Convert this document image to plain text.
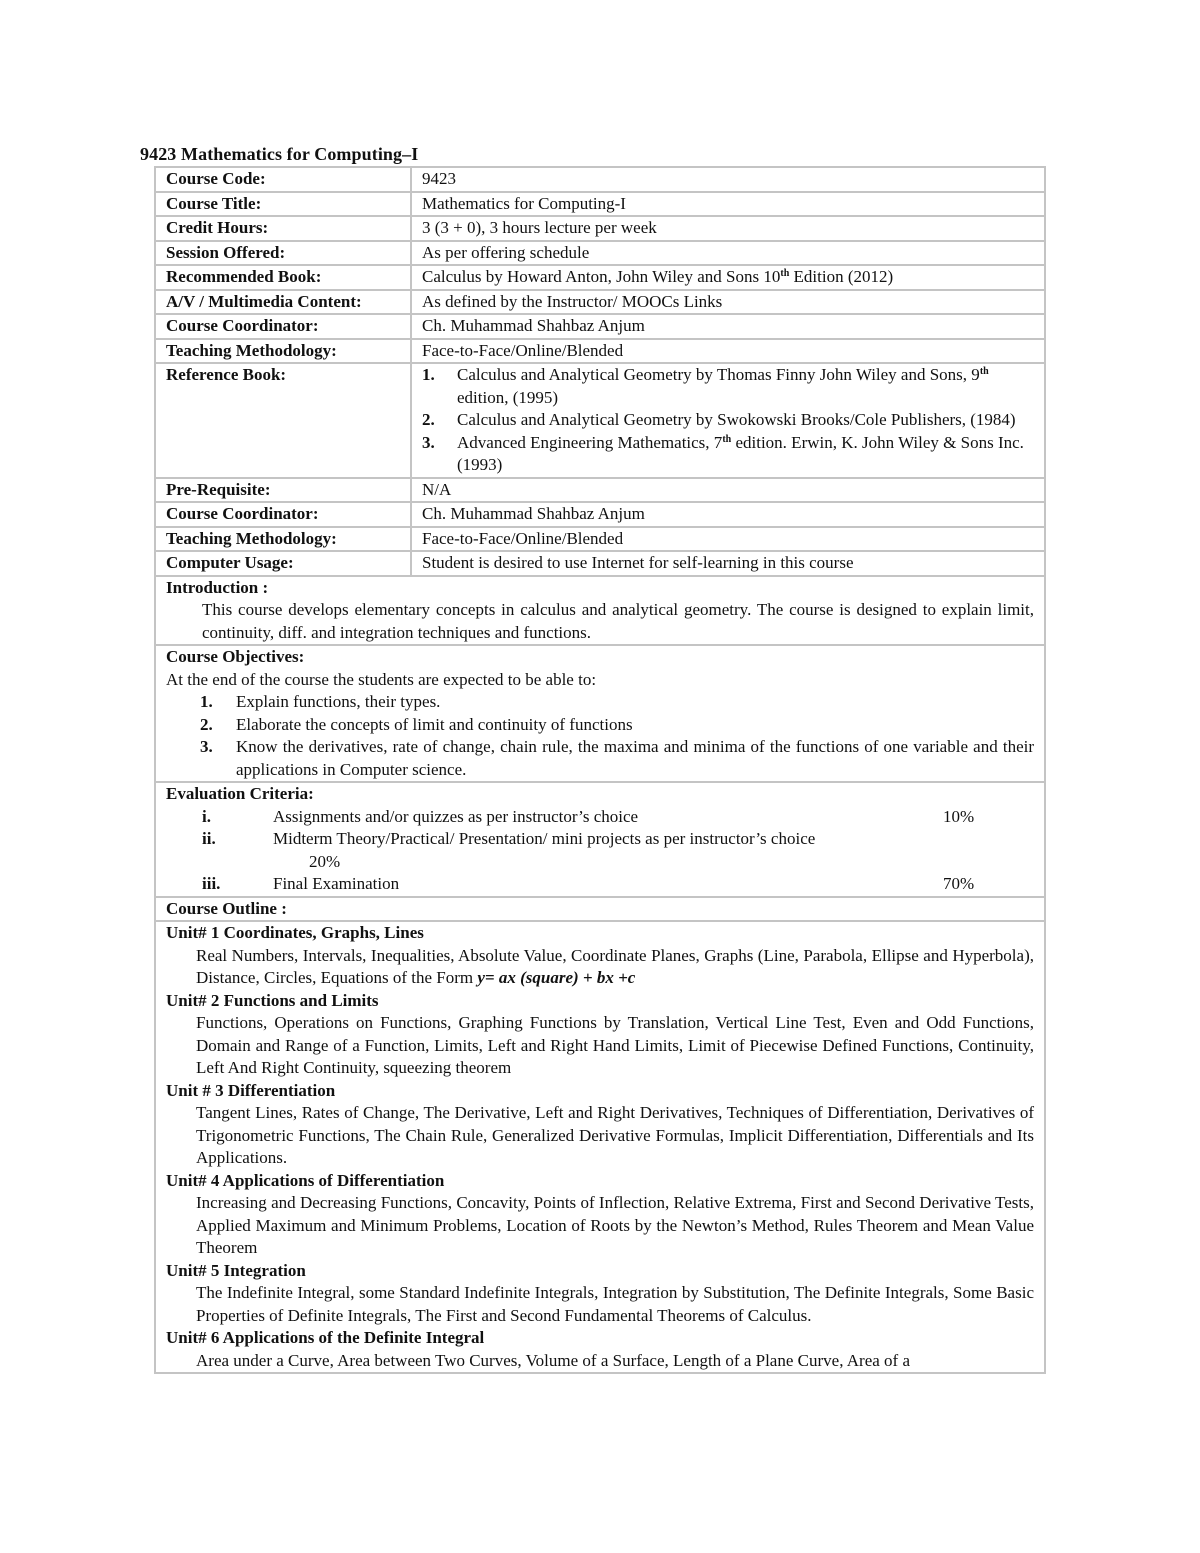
9423 Mathematics for Computing–I
Course Code:	9423
Course Title:	Mathematics for Computing-I
Credit Hours:	3 (3 + 0), 3 hours lecture per week
Session Offered:	As per offering schedule
Recommended Book:	Calculus by Howard Anton, John Wiley and Sons 10th Edition (2012)
A/V / Multimedia Content:	As defined by the Instructor/ MOOCs Links
Course Coordinator:	Ch. Muhammad Shahbaz Anjum
Teaching Methodology:	Face-to-Face/Online/Blended
Reference Book:	1.	Calculus and Analytical Geometry by Thomas Finny John Wiley and Sons, 9th edition, (1995)
2.	Calculus and Analytical Geometry by Swokowski Brooks/Cole Publishers, (1984)
3.	Advanced Engineering Mathematics, 7th edition. Erwin, K. John Wiley & Sons Inc. (1993)
Pre-Requisite:	N/A
Course Coordinator:	Ch. Muhammad Shahbaz Anjum
Teaching Methodology:	Face-to-Face/Online/Blended
Computer Usage:	Student is desired to use Internet for self-learning in this course
Introduction :
This course develops elementary concepts in calculus and analytical geometry. The course is designed to explain limit, continuity, diff. and integration techniques and functions.
Course Objectives:
At the end of the course the students are expected to be able to:
1.	Explain functions, their types.
2.	Elaborate the concepts of limit and continuity of functions
3.	Know the derivatives, rate of change, chain rule, the maxima and minima of the functions of one variable and their applications in Computer science.
Evaluation Criteria:
i.	Assignments and/or quizzes as per instructor’s choice	10%
ii.	Midterm Theory/Practical/ Presentation/ mini projects as per instructor’s choice
20%
iii.	Final Examination	70%
Course Outline :
Unit# 1 Coordinates, Graphs, Lines
Real Numbers, Intervals, Inequalities, Absolute Value, Coordinate Planes, Graphs (Line, Parabola, Ellipse and Hyperbola), Distance, Circles, Equations of the Form y= ax (square) + bx +c
Unit# 2 Functions and Limits
Functions, Operations on Functions, Graphing Functions by Translation, Vertical Line Test, Even and Odd Functions, Domain and Range of a Function, Limits, Left and Right Hand Limits, Limit of Piecewise Defined Functions, Continuity, Left And Right Continuity, squeezing theorem
Unit # 3 Differentiation
Tangent Lines, Rates of Change, The Derivative, Left and Right Derivatives, Techniques of Differentiation, Derivatives of Trigonometric Functions, The Chain Rule, Generalized Derivative Formulas, Implicit Differentiation, Differentials and Its Applications.
Unit# 4 Applications of Differentiation
Increasing and Decreasing Functions, Concavity, Points of Inflection, Relative Extrema, First and Second Derivative Tests, Applied Maximum and Minimum Problems, Location of Roots by the Newton’s Method, Rules Theorem and Mean Value Theorem
Unit# 5 Integration
The Indefinite Integral, some Standard Indefinite Integrals, Integration by Substitution, The Definite Integrals, Some Basic Properties of Definite Integrals, The First and Second Fundamental Theorems of Calculus.
Unit# 6 Applications of the Definite Integral
Area under a Curve, Area between Two Curves, Volume of a Surface, Length of a Plane Curve, Area of a
